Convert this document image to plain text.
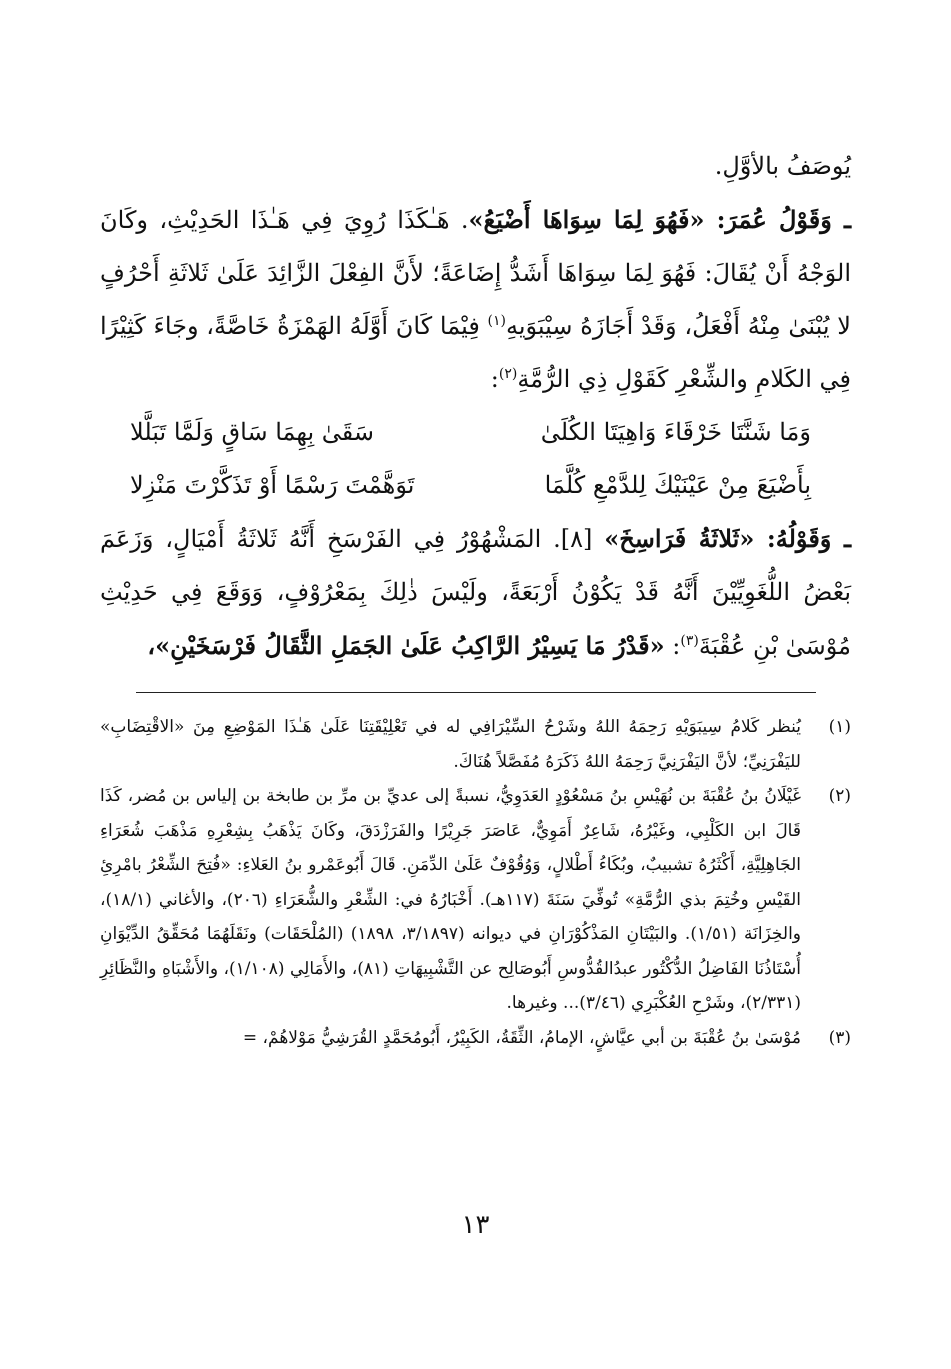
يُوصَفُ بالأوَّلِ.
ـ وَقَوْلُ عُمَرَ: «فَهُوَ لِمَا سِوَاهَا أَضْيَعُ». هَـٰكَذَا رُوِيَ فِي هَـٰذَا الحَدِيْثِ، وكَانَ الوَجْهُ أَنْ يُقَالَ: فَهُوَ لِمَا سِوَاهَا أَشَدُّ إِضَاعَةً؛ لأَنَّ الفِعْلَ الزَّائِدَ عَلَىٰ ثَلاثَةِ أَحْرُفٍ لا يُبْنَىٰ مِنْهُ أَفْعَلُ، وَقَدْ أَجَازَهُ سِيْبَوَيهِ$^{(١)}$ فِيْمَا كَانَ أَوَّلَهُ الهَمْزَةُ خَاصَّةً، وجَاءَ كَثِيْرًا فِي الكَلامِ والشِّعْرِ كَقَوْلِ ذِي الرُّمَّةِ$^{(٢)}$:

وَمَا شَنَّتَا خَرْقَاءَ وَاهِيَتَا الكُلَىٰ
سَقَىٰ بِهِمَا سَاقٍ وَلَمَّا تَبَلَّلا
بِأَضْيَعَ مِنْ عَيْنَيْكَ لِلدَّمْعِ كُلَّمَا
تَوَهَّمْتَ رَسْمًا أَوْ تَذَكَّرْتَ مَنْزِلا

ـ وَقَوْلُهُ: «ثَلاثَةُ فَرَاسِخَ» [٨]. المَشْهُوْرُ فِي الفَرْسَخِ أَنَّهُ ثَلاثَةُ أَمْيَالٍ، وَزَعَمَ بَعْضُ اللُّغَوِيِّيْنَ أَنَّهُ قَدْ يَكُوْنُ أَرْبَعَةً، ولَيْسَ ذٰلِكَ بِمَعْرُوْفٍ، وَوَقَعَ فِي حَدِيْثِ مُوْسَىٰ بْنِ عُقْبَةَ$^{(٣)}$: «قَدْرُ مَا يَسِيْرُ الرَّاكِبُ عَلَىٰ الجَمَلِ الثَّقَالُ فَرْسَخَيْنِ»،

(١)
يُنظر كَلامُ سِيبَوَيْهِ رَحِمَهُ اللهُ وشَرْحُ السِّيْرَافِي له في تَعْلِيْقَتِنَا عَلَىٰ هَـٰذَا المَوْضِعِ مِنَ «الاقْتِضَابِ» لليَفْرَنِيِّ؛ لأنَّ اليَفْرَنِيَّ رَحِمَهُ اللهُ ذَكَرَهُ مُفَصَّلاً هُنَاكَ.
(٢)
غَيْلَانُ بنُ عُقْبَةَ بن نُهَيْسِ بنُ مَسْعُوْدٍ العَدَوِيُّ، نسبةً إلى عديِّ بن مرِّ بن طابخة بن إلياس بن مُضر، كَذَا قَالَ ابن الكَلْبِي، وغَيْرُهُ، شَاعِرٌ أَمَوِيٌّ، عَاصَرَ جَرِيْرًا والفَرَزْدَقَ، وكَانَ يَذْهَبُ بِشِعْرِهِ مَذْهَبَ شُعَرَاءِ الجَاهِلِيَّةِ، أَكْثَرُهُ تشبيبٌ، وبُكَاءُ أَطْلالٍ، وَوُقُوْفٌ عَلَىٰ الدِّمَنِ. قَالَ أَبُوعَمْرو بنُ العَلاءِ: «فُتِحَ الشِّعْرُ بامْرِئِ القَيْسِ وخُتِمَ بذي الرُّمَّةِ» تُوفِّيَ سَنَةَ (١١٧هـ). أَخْبَارُهُ في: الشِّعْرِ والشُّعَرَاءِ (٢٠٦)، والأغاني (١٨/١)، والخِزَانَة (١/٥١). والبَيْتَانِ المَذْكُوْرَانِ في ديوانه (٣/١٨٩٧، ١٨٩٨) (المُلْحَقَات) ونَقَلَهُمَا مُحَقِّقُ الدِّيْوَانِ أُسْتَاذُنَا الفَاضِلُ الدُّكْتُور عبدُالقُدُّوسِ أَبُوصَالِح عن التَّشْبِيهَاتِ (٨١)، والأَمَالِي (١/١٠٨)، والأَشْبَاهِ والنَّظَائِرِ (٢/٣٣١)، وشَرْحِ العُكْبَرِي (٣/٤٦)... وغيرها.
(٣)
مُوْسَىٰ بنُ عُقْبَةَ بن أبي عيَّاشٍ، الإمامُ، الثِّقَةُ، الكَبِيْرُ، أَبُومُحَمَّدٍ القُرَشِيُّ مَوْلاهُمْ، =
١٣
